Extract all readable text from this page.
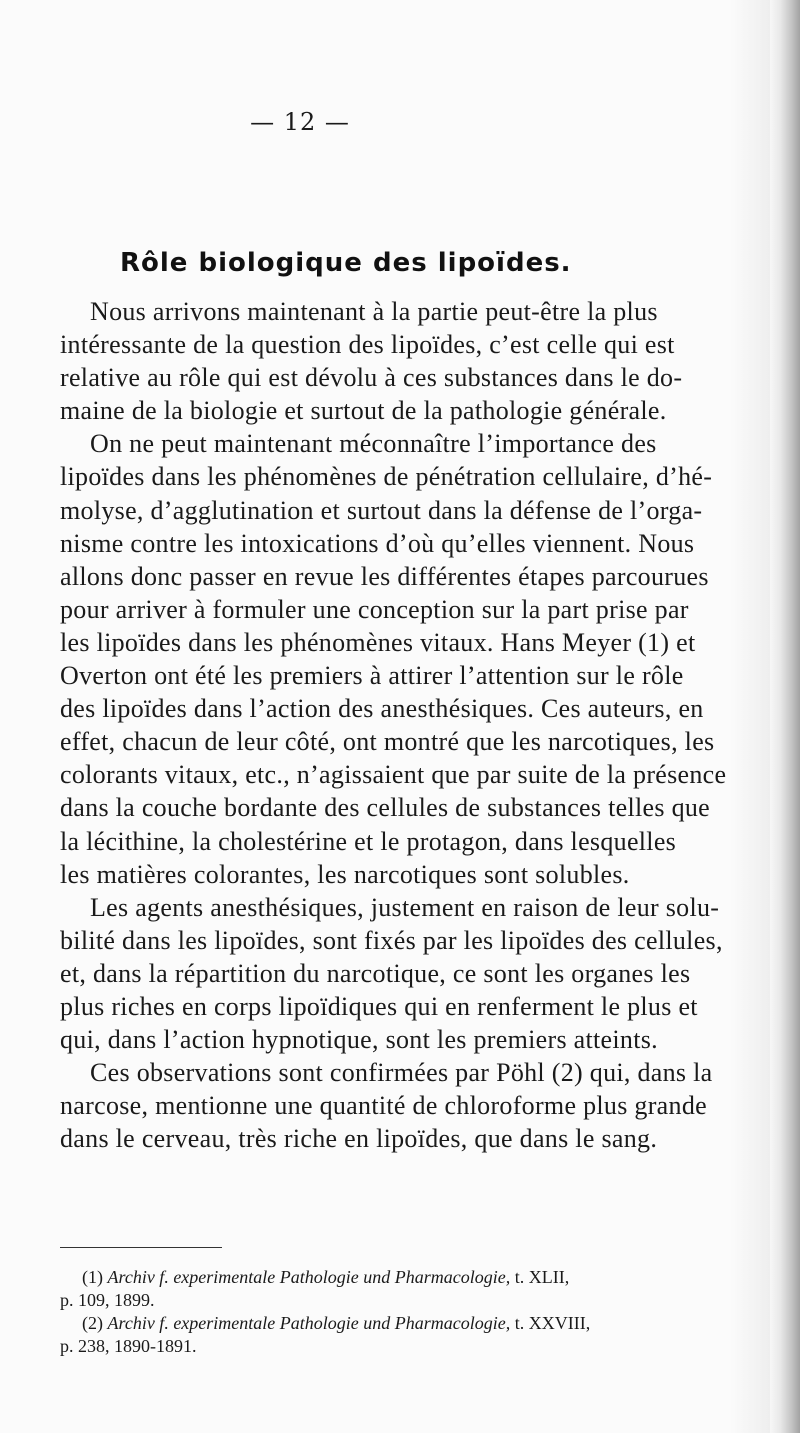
— 12 —
Rôle biologique des lipoïdes.
Nous arrivons maintenant à la partie peut-être la plus
intéressante de la question des lipoïdes, c’est celle qui est
relative au rôle qui est dévolu à ces substances dans le do-
maine de la biologie et surtout de la pathologie générale.
On ne peut maintenant méconnaître l’importance des
lipoïdes dans les phénomènes de pénétration cellulaire, d’hé-
molyse, d’agglutination et surtout dans la défense de l’orga-
nisme contre les intoxications d’où qu’elles viennent. Nous
allons donc passer en revue les différentes étapes parcourues
pour arriver à formuler une conception sur la part prise par
les lipoïdes dans les phénomènes vitaux. Hans Meyer (1) et
Overton ont été les premiers à attirer l’attention sur le rôle
des lipoïdes dans l’action des anesthésiques. Ces auteurs, en
effet, chacun de leur côté, ont montré que les narcotiques, les
colorants vitaux, etc., n’agissaient que par suite de la présence
dans la couche bordante des cellules de substances telles que
la lécithine, la cholestérine et le protagon, dans lesquelles
les matières colorantes, les narcotiques sont solubles.
Les agents anesthésiques, justement en raison de leur solu-
bilité dans les lipoïdes, sont fixés par les lipoïdes des cellules,
et, dans la répartition du narcotique, ce sont les organes les
plus riches en corps lipoïdiques qui en renferment le plus et
qui, dans l’action hypnotique, sont les premiers atteints.
Ces observations sont confirmées par Pöhl (2) qui, dans la
narcose, mentionne une quantité de chloroforme plus grande
dans le cerveau, très riche en lipoïdes, que dans le sang.
(1) Archiv f. experimentale Pathologie und Pharmacologie, t. XLII,
p. 109, 1899.
(2) Archiv f. experimentale Pathologie und Pharmacologie, t. XXVIII,
p. 238, 1890-1891.
